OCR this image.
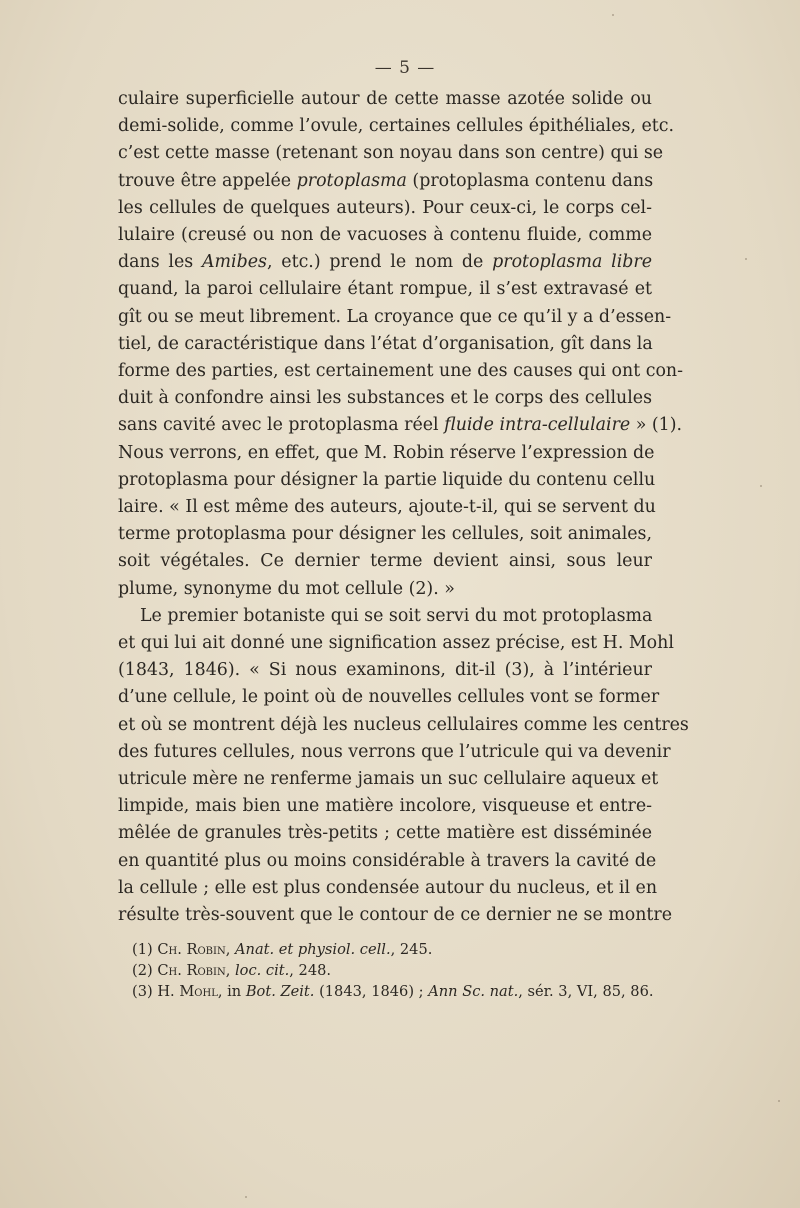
— 5 —

culaire superficielle autour de cette masse azotée solide ou

demi-solide, comme l’ovule, certaines cellules épithéliales, etc.

c’est cette masse (retenant son noyau dans son centre) qui se

trouve être appelée protoplasma (protoplasma contenu dans

les cellules de quelques auteurs). Pour ceux-ci, le corps cel-

lulaire (creusé ou non de vacuoses à contenu fluide, comme

dans les Amibes, etc.) prend le nom de protoplasma libre

quand, la paroi cellulaire étant rompue, il s’est extravasé et

gît ou se meut librement. La croyance que ce qu’il y a d’essen-

tiel, de caractéristique dans l’état d’organisation, gît dans la

forme des parties, est certainement une des causes qui ont con-

duit à confondre ainsi les substances et le corps des cellules

sans cavité avec le protoplasma réel fluide intra-cellulaire » (1).

Nous verrons, en effet, que M. Robin réserve l’expression de

protoplasma pour désigner la partie liquide du contenu cellu

laire. « Il est même des auteurs, ajoute-t-il, qui se servent du

terme protoplasma pour désigner les cellules, soit animales,

soit végétales. Ce dernier terme devient ainsi, sous leur

plume, synonyme du mot cellule (2). »

Le premier botaniste qui se soit servi du mot protoplasma

et qui lui ait donné une signification assez précise, est H. Mohl

(1843, 1846). « Si nous examinons, dit-il (3), à l’intérieur

d’une cellule, le point où de nouvelles cellules vont se former

et où se montrent déjà les nucleus cellulaires comme les centres

des futures cellules, nous verrons que l’utricule qui va devenir

utricule mère ne renferme jamais un suc cellulaire aqueux et

limpide, mais bien une matière incolore, visqueuse et entre-

mêlée de granules très-petits ; cette matière est disséminée

en quantité plus ou moins considérable à travers la cavité de

la cellule ; elle est plus condensée autour du nucleus, et il en

résulte très-souvent que le contour de ce dernier ne se montre

(1) Ch. Robin, Anat. et physiol. cell., 245.

(2) Ch. Robin, loc. cit., 248.

(3) H. Mohl, in Bot. Zeit. (1843, 1846) ; Ann Sc. nat., sér. 3, VI, 85, 86.
